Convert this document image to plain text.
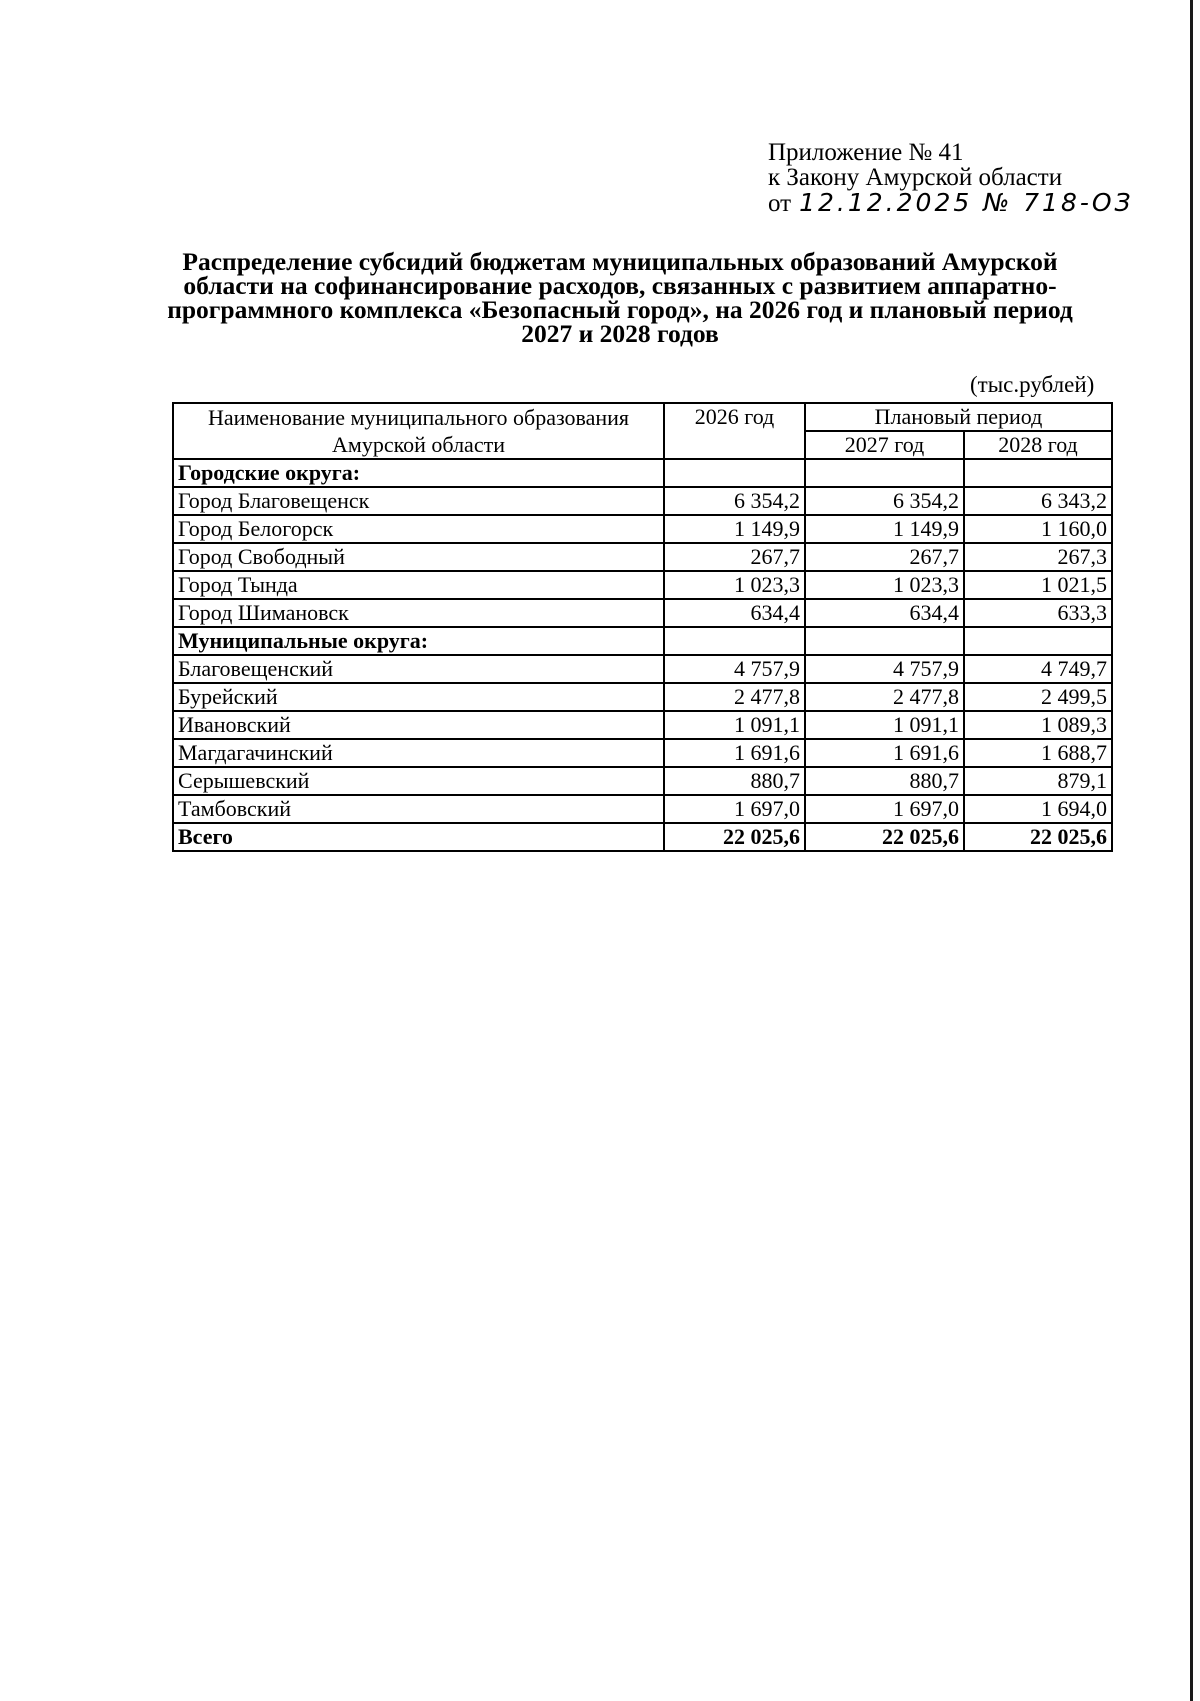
Приложение № 41
к Закону Амурской области
от 12.12.2025 № 718-ОЗ
Распределение субсидий бюджетам муниципальных образований Амурской области на софинансирование расходов, связанных с развитием аппаратно-программного комплекса «Безопасный город», на 2026 год и плановый период 2027 и 2028 годов
(тыс.рублей)
Наименование муниципального образования Амурской области	2026 год	Плановый период	
		2027 год	2028 год
Городские округа:			
Город Благовещенск	6 354,2	6 354,2	6 343,2
Город Белогорск	1 149,9	1 149,9	1 160,0
Город Свободный	267,7	267,7	267,3
Город Тында	1 023,3	1 023,3	1 021,5
Город Шимановск	634,4	634,4	633,3
Муниципальные округа:			
Благовещенский	4 757,9	4 757,9	4 749,7
Бурейский	2 477,8	2 477,8	2 499,5
Ивановский	1 091,1	1 091,1	1 089,3
Магдагачинский	1 691,6	1 691,6	1 688,7
Серышевский	880,7	880,7	879,1
Тамбовский	1 697,0	1 697,0	1 694,0
Всего	22 025,6	22 025,6	22 025,6
